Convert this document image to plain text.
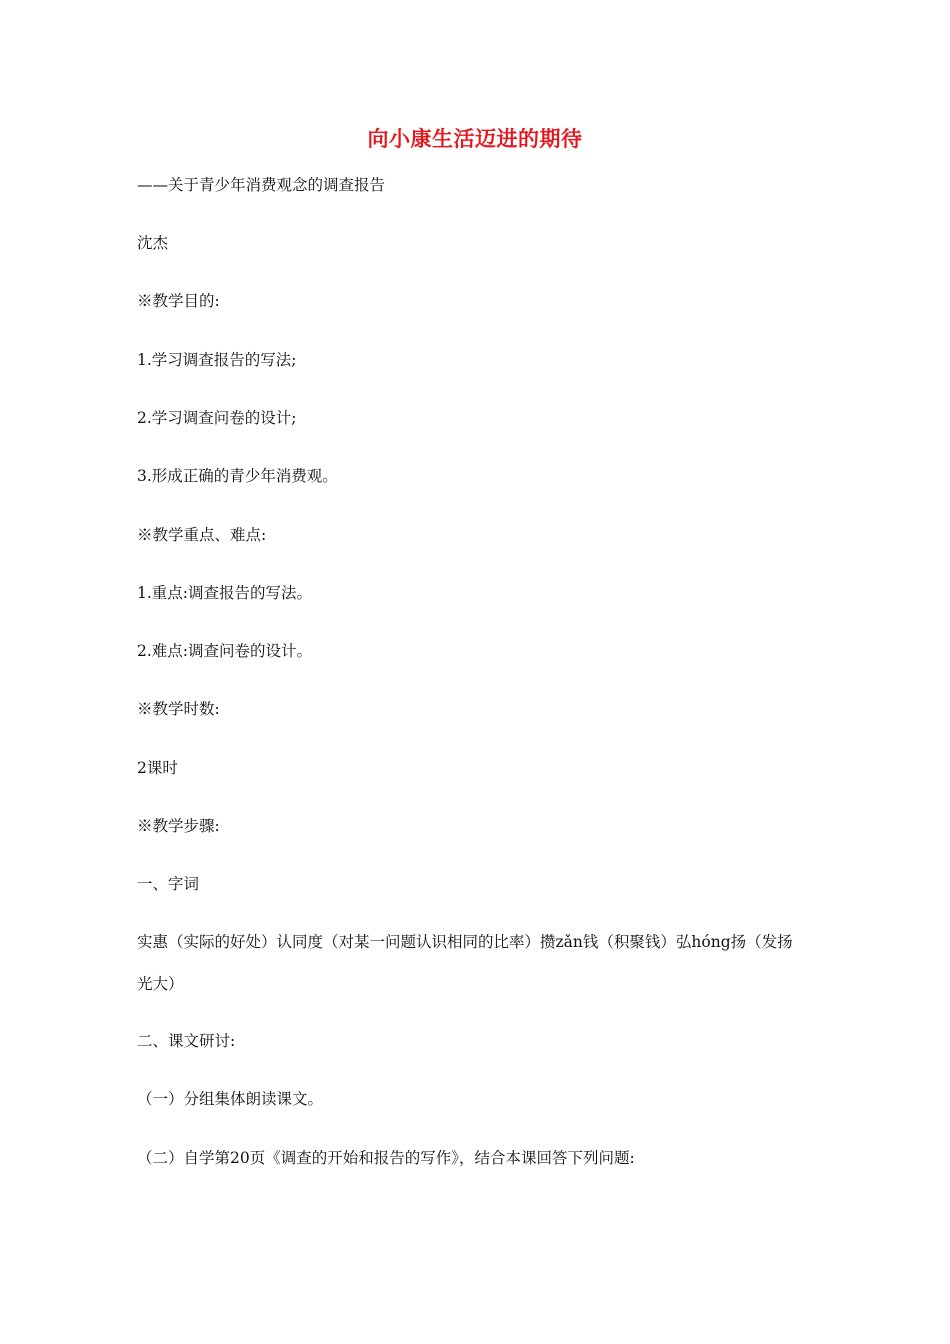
向小康生活迈进的期待
——关于青少年消费观念的调查报告
沈杰
※教学目的:
1.学习调查报告的写法;
2.学习调查问卷的设计;
3.形成正确的青少年消费观。
※教学重点、难点:
1.重点:调查报告的写法。
2.难点:调查问卷的设计。
※教学时数:
2课时
※教学步骤:
一、字词
实惠（实际的好处）认同度（对某一问题认识相同的比率）攒zǎn钱（积聚钱）弘hóng扬（发扬光大）
二、课文研讨:
（一）分组集体朗读课文。
（二）自学第20页《调查的开始和报告的写作》，结合本课回答下列问题:
